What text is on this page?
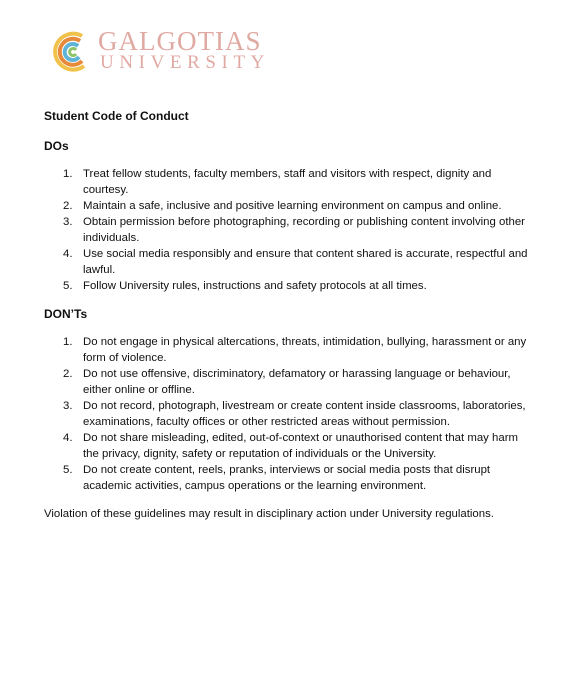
GALGOTIAS
UNIVERSITY
Student Code of Conduct
DOs
1. Treat fellow students, faculty members, staff and visitors with respect, dignity and courtesy.
2. Maintain a safe, inclusive and positive learning environment on campus and online.
3. Obtain permission before photographing, recording or publishing content involving other individuals.
4. Use social media responsibly and ensure that content shared is accurate, respectful and lawful.
5. Follow University rules, instructions and safety protocols at all times.
DON’Ts
1. Do not engage in physical altercations, threats, intimidation, bullying, harassment or any form of violence.
2. Do not use offensive, discriminatory, defamatory or harassing language or behaviour, either online or offline.
3. Do not record, photograph, livestream or create content inside classrooms, laboratories, examinations, faculty offices or other restricted areas without permission.
4. Do not share misleading, edited, out-of-context or unauthorised content that may harm the privacy, dignity, safety or reputation of individuals or the University.
5. Do not create content, reels, pranks, interviews or social media posts that disrupt academic activities, campus operations or the learning environment.
Violation of these guidelines may result in disciplinary action under University regulations.
